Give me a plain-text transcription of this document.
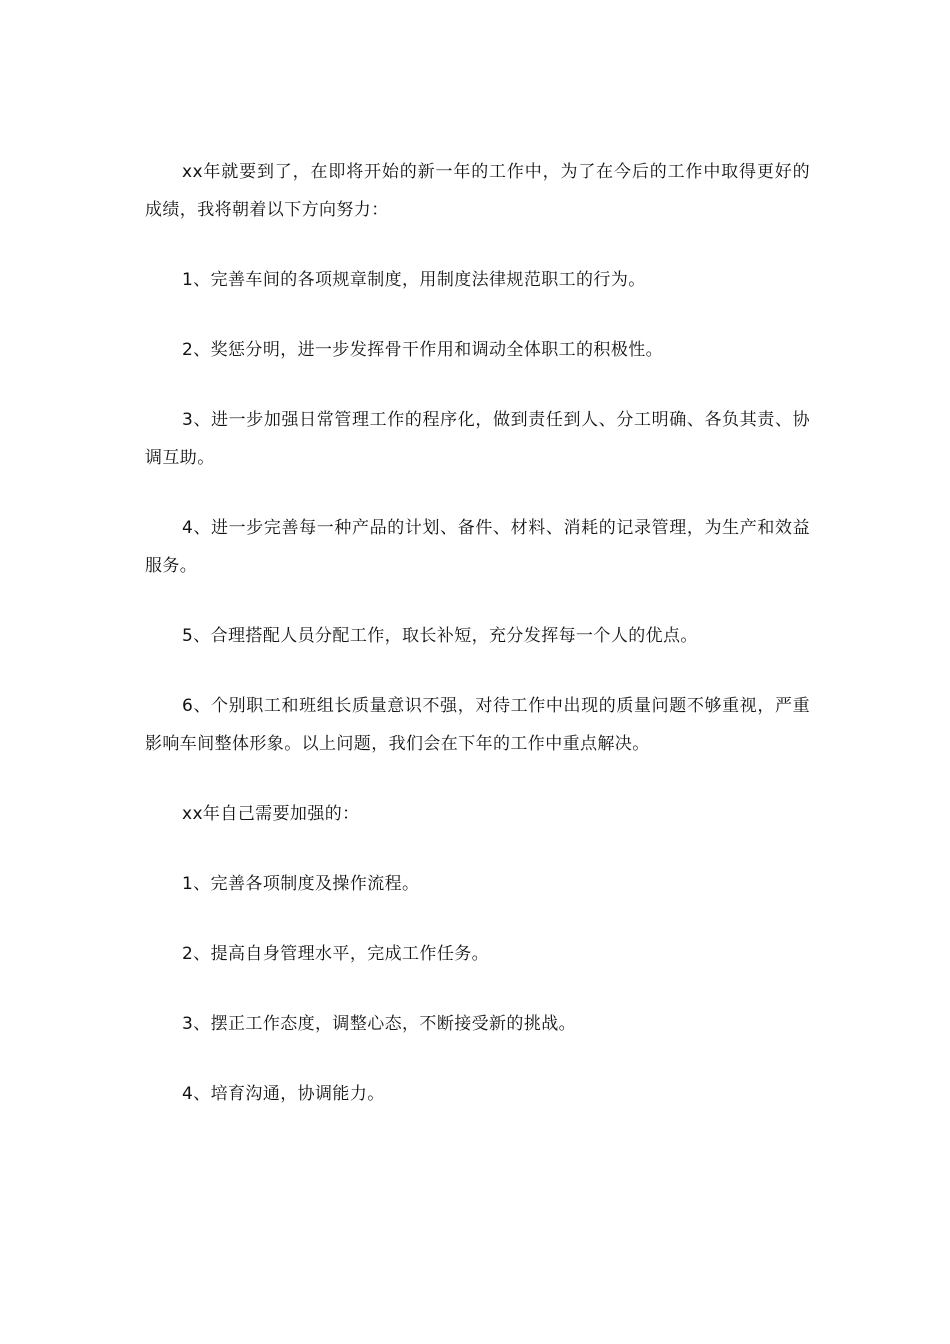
xx年就要到了，在即将开始的新一年的工作中，为了在今后的工作中取得更好的成绩，我将朝着以下方向努力：

1、完善车间的各项规章制度，用制度法律规范职工的行为。

2、奖惩分明，进一步发挥骨干作用和调动全体职工的积极性。

3、进一步加强日常管理工作的程序化，做到责任到人、分工明确、各负其责、协调互助。

4、进一步完善每一种产品的计划、备件、材料、消耗的记录管理，为生产和效益服务。

5、合理搭配人员分配工作，取长补短，充分发挥每一个人的优点。

6、个别职工和班组长质量意识不强，对待工作中出现的质量问题不够重视，严重影响车间整体形象。以上问题，我们会在下年的工作中重点解决。

xx年自己需要加强的：

1、完善各项制度及操作流程。

2、提高自身管理水平，完成工作任务。

3、摆正工作态度，调整心态，不断接受新的挑战。

4、培育沟通，协调能力。
